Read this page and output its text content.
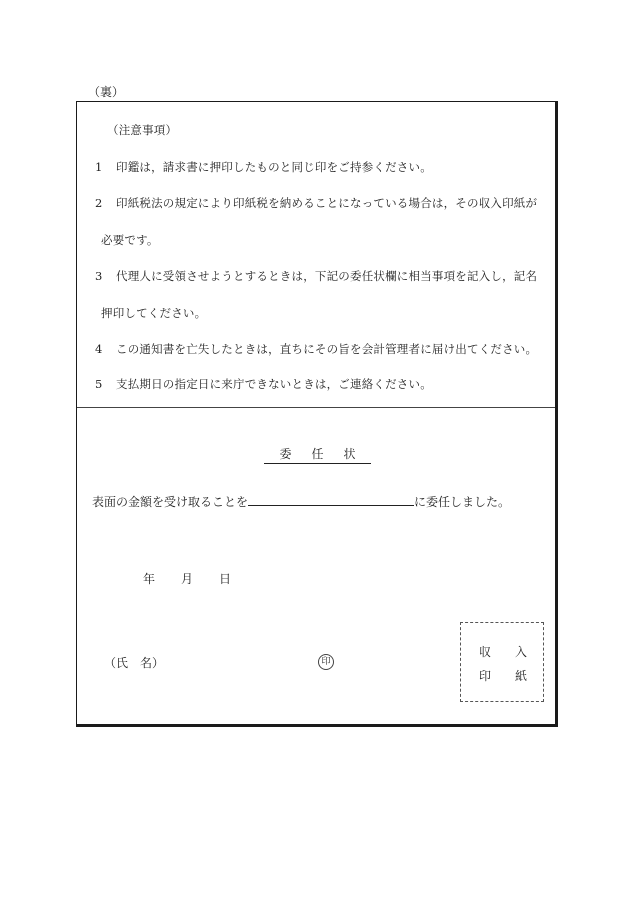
（裏）
（注意事項）
1 印鑑は，請求書に押印したものと同じ印をご持参ください。
2 印紙税法の規定により印紙税を納めることになっている場合は，その収入印紙が
必要です。
3 代理人に受領させようとするときは，下記の委任状欄に相当事項を記入し，記名
押印してください。
4 この通知書を亡失したときは，直ちにその旨を会計管理者に届け出てください。
5 支払期日の指定日に来庁できないときは，ご連絡ください。
委 任 状
表面の金額を受け取ることを	に委任しました。
年 月 日
（氏　名）	印
収 入
印 紙
